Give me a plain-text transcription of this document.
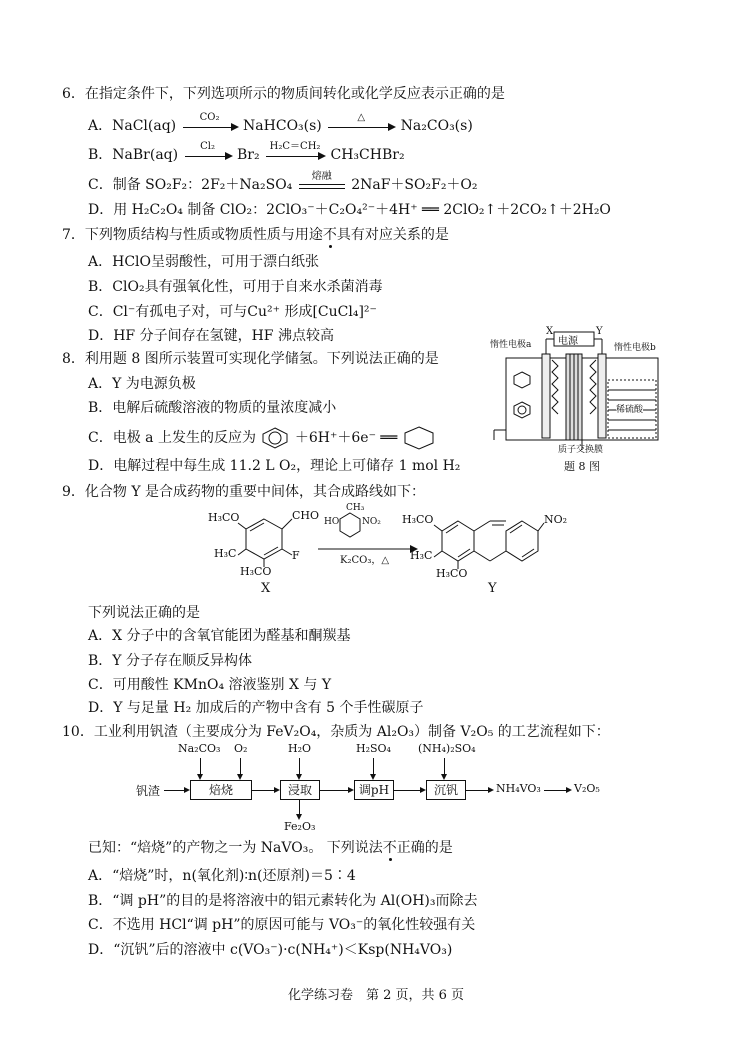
6．在指定条件下，下列选项所示的物质间转化或化学反应表示正确的是
A．NaCl(aq)
CO₂
NaHCO₃(s)
△
Na₂CO₃(s)
B．NaBr(aq)
Cl₂
Br₂
H₂C＝CH₂
CH₃CHBr₂
C．制备 SO₂F₂：2F₂＋Na₂SO₄
熔融
2NaF＋SO₂F₂＋O₂
D．用 H₂C₂O₄ 制备 ClO₂：2ClO₃⁻＋C₂O₄²⁻＋4H⁺ ══ 2ClO₂↑＋2CO₂↑＋2H₂O
7．下列物质结构与性质或物质性质与用途不具有对应关系的是
A．HClO呈弱酸性，可用于漂白纸张
B．ClO₂具有强氧化性，可用于自来水杀菌消毒
C．Cl⁻有孤电子对，可与Cu²⁺ 形成[CuCl₄]²⁻
D．HF 分子间存在氢键，HF 沸点较高
8．利用题 8 图所示装置可实现化学储氢。下列说法正确的是
A．Y 为电源负极
B．电解后硫酸溶液的物质的量浓度减小
C．电极 a 上发生的反应为	＋6H⁺＋6e⁻ ══
D．电解过程中每生成 11.2 L O₂，理论上可储存 1 mol H₂
电源
X	Y
惰性电极a	惰性电极b
稀硫酸
质子交换膜
题 8 图
9．化合物 Y 是合成药物的重要中间体，其合成路线如下：
H₃CO	CHO
H₃C	F
H₃CO
X
HO
CH₃
NO₂
K₂CO₃，△
H₃CO	NO₂
H₃C
H₃CO
Y
下列说法正确的是
A．X 分子中的含氧官能团为醛基和酮羰基
B．Y 分子存在顺反异构体
C．可用酸性 KMnO₄ 溶液鉴别 X 与 Y
D．Y 与足量 H₂ 加成后的产物中含有 5 个手性碳原子
10．工业利用钒渣（主要成分为 FeV₂O₄，杂质为 Al₂O₃）制备 V₂O₅ 的工艺流程如下：
Na₂CO₃ O₂	H₂O	H₂SO₄ (NH₄)₂SO₄
钒渣	焙烧	浸取	调pH	沉钒	NH₄VO₃	V₂O₅
Fe₂O₃
已知：“焙烧”的产物之一为 NaVO₃。 下列说法不正确的是
A．“焙烧”时，n(氧化剂)∶n(还原剂)＝5∶4
B．“调 pH”的目的是将溶液中的铝元素转化为 Al(OH)₃而除去
C．不选用 HCl“调 pH”的原因可能与 VO₃⁻的氧化性较强有关
D．“沉钒”后的溶液中 c(VO₃⁻)·c(NH₄⁺)＜Ksp(NH₄VO₃)
化学练习卷　第 2 页，共 6 页
